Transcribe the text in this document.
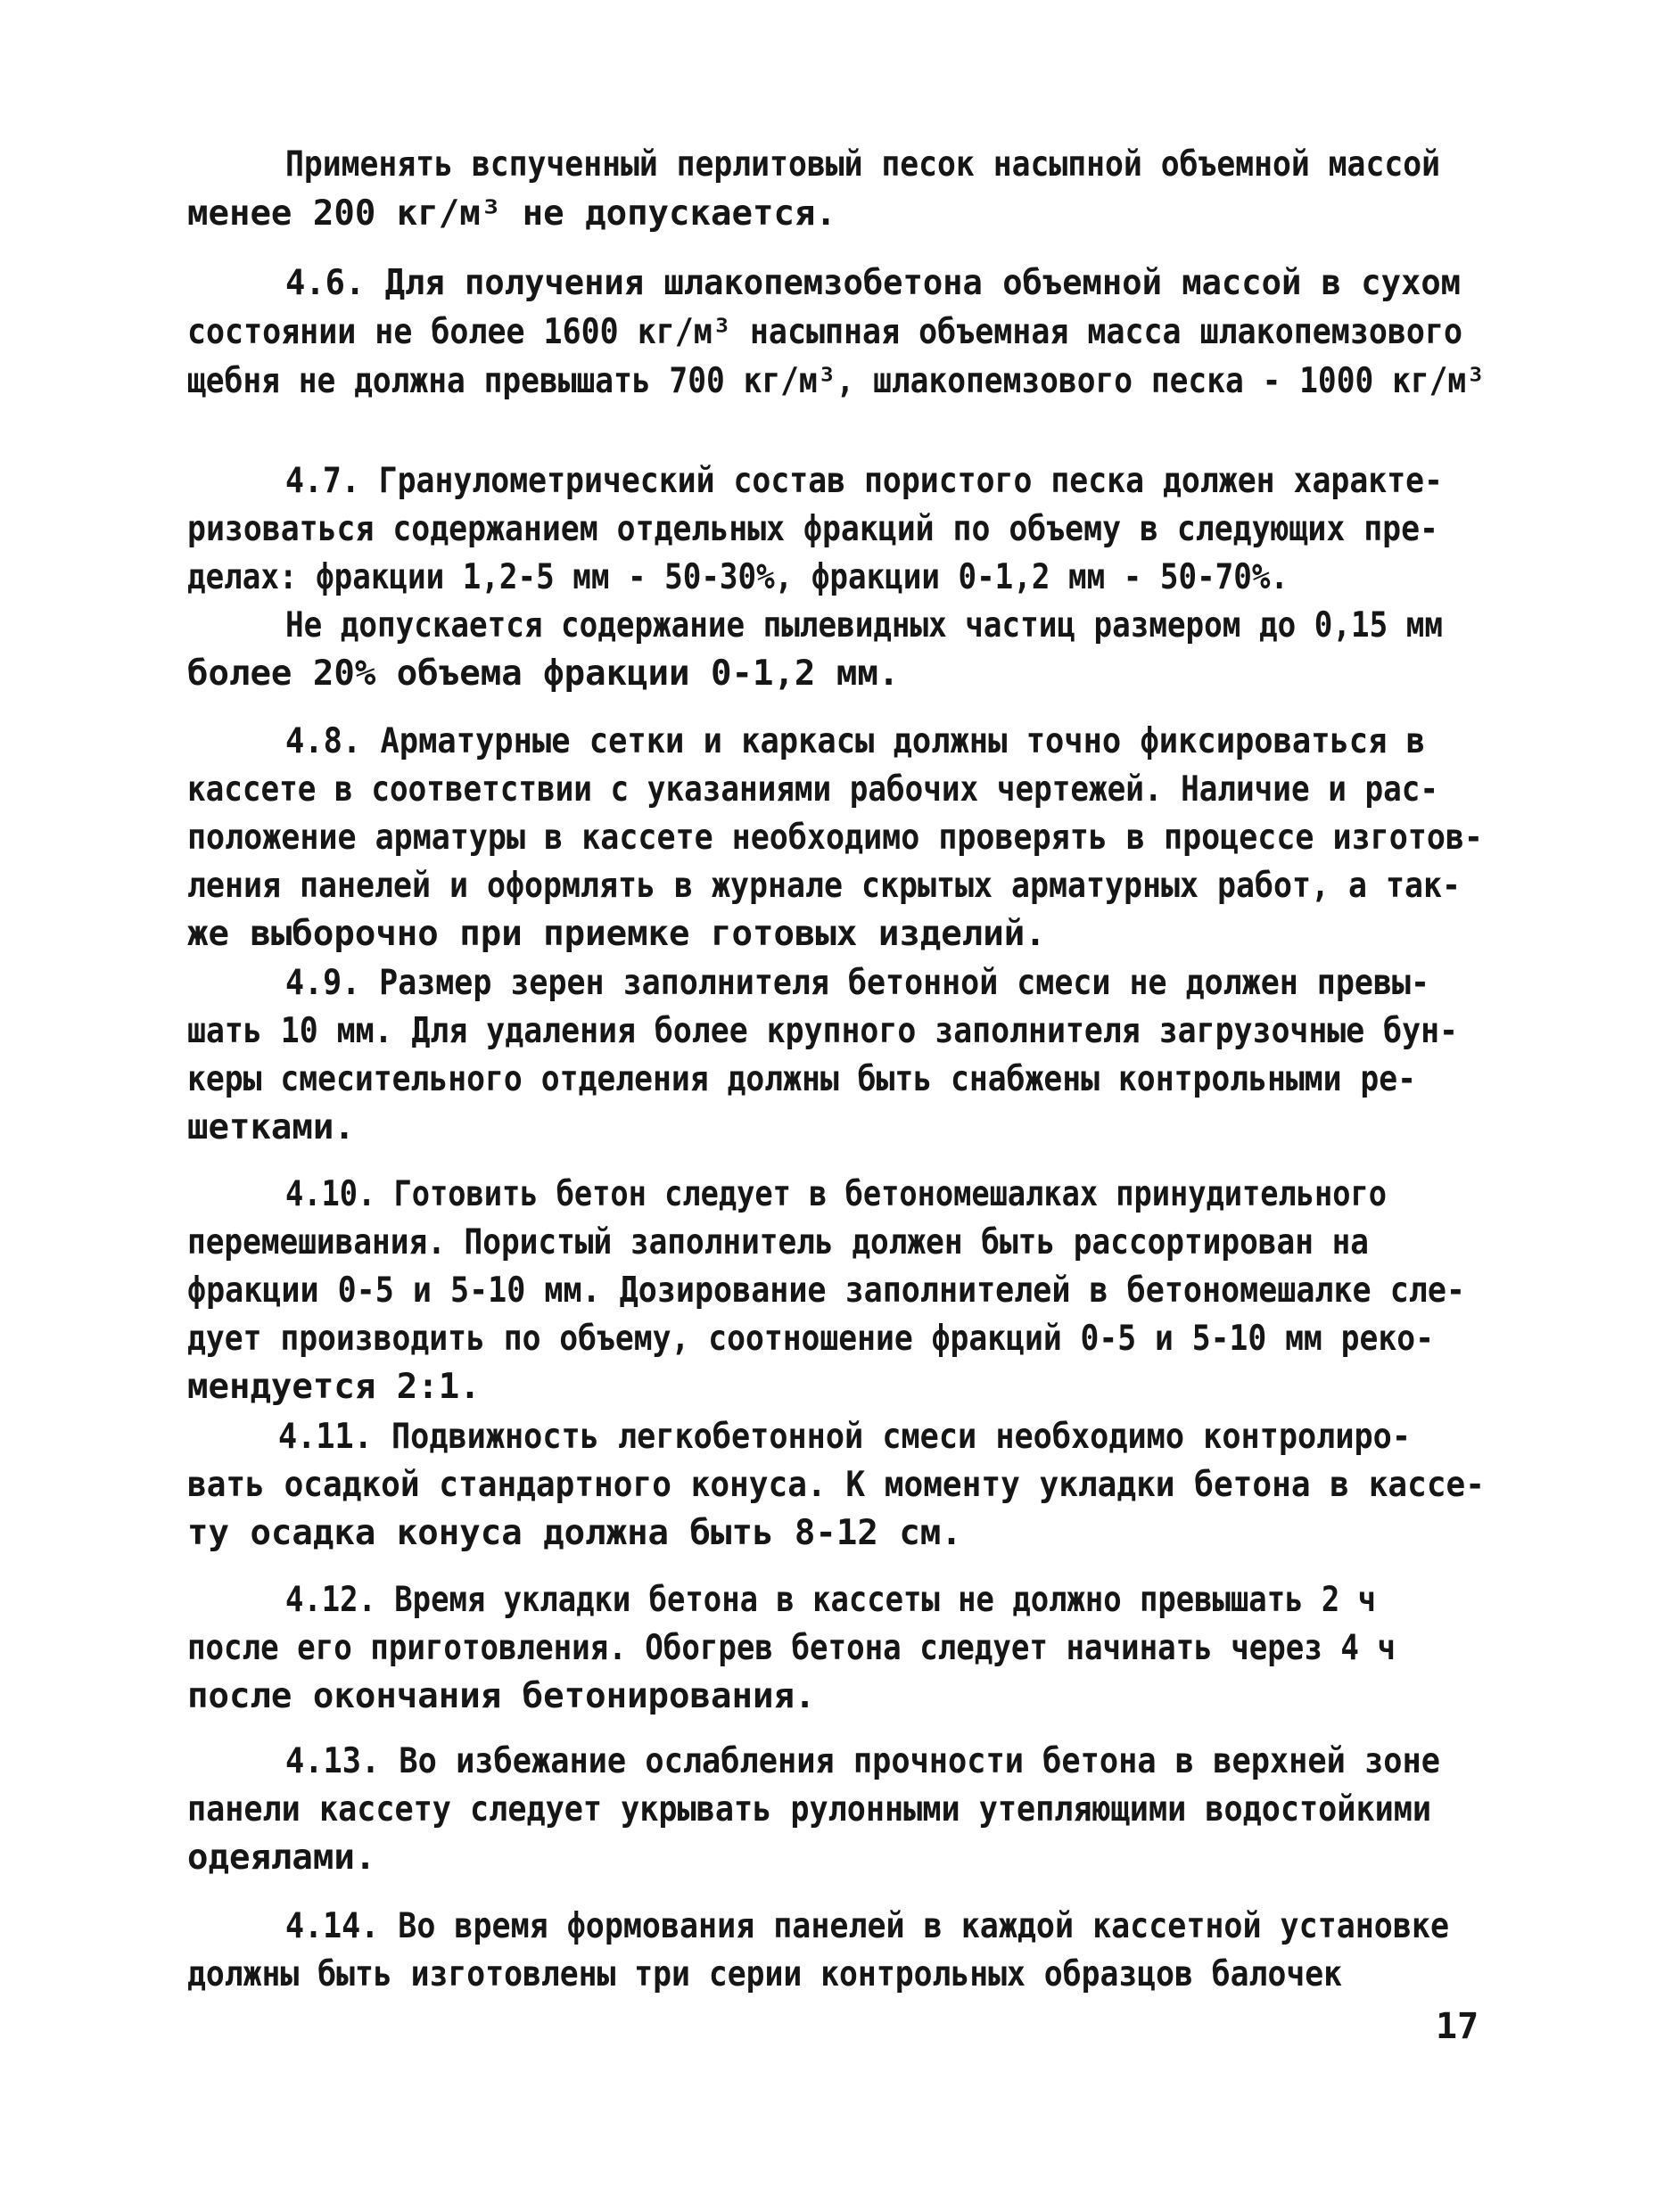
Применять вспученный перлитовый песок насыпной объемной массой
менее 200 кг/м³ не допускается.
4.6. Для получения шлакопемзобетона объемной массой в сухом
состоянии не более 1600 кг/м³ насыпная объемная масса шлакопемзового
щебня не должна превышать 700 кг/м³, шлакопемзового песка - 1000 кг/м³
4.7. Гранулометрический состав пористого песка должен характе-
ризоваться содержанием отдельных фракций по объему в следующих пре-
делах: фракции 1,2-5 мм - 50-30%, фракции 0-1,2 мм - 50-70%.
Не допускается содержание пылевидных частиц размером до 0,15 мм
более 20% объема фракции 0-1,2 мм.
4.8. Арматурные сетки и каркасы должны точно фиксироваться в
кассете в соответствии с указаниями рабочих чертежей. Наличие и рас-
положение арматуры в кассете необходимо проверять в процессе изготов-
ления панелей и оформлять в журнале скрытых арматурных работ, а так-
же выборочно при приемке готовых изделий.
4.9. Размер зерен заполнителя бетонной смеси не должен превы-
шать 10 мм. Для удаления более крупного заполнителя загрузочные бун-
керы смесительного отделения должны быть снабжены контрольными ре-
шетками.
4.10. Готовить бетон следует в бетономешалках принудительного
перемешивания. Пористый заполнитель должен быть рассортирован на
фракции 0-5 и 5-10 мм. Дозирование заполнителей в бетономешалке сле-
дует производить по объему, соотношение фракций 0-5 и 5-10 мм реко-
мендуется 2:1.
4.11. Подвижность легкобетонной смеси необходимо контролиро-
вать осадкой стандартного конуса. К моменту укладки бетона в кассе-
ту осадка конуса должна быть 8-12 см.
4.12. Время укладки бетона в кассеты не должно превышать 2 ч
после его приготовления. Обогрев бетона следует начинать через 4 ч
после окончания бетонирования.
4.13. Во избежание ослабления прочности бетона в верхней зоне
панели кассету следует укрывать рулонными утепляющими водостойкими
одеялами.
4.14. Во время формования панелей в каждой кассетной установке
должны быть изготовлены три серии контрольных образцов балочек
17
